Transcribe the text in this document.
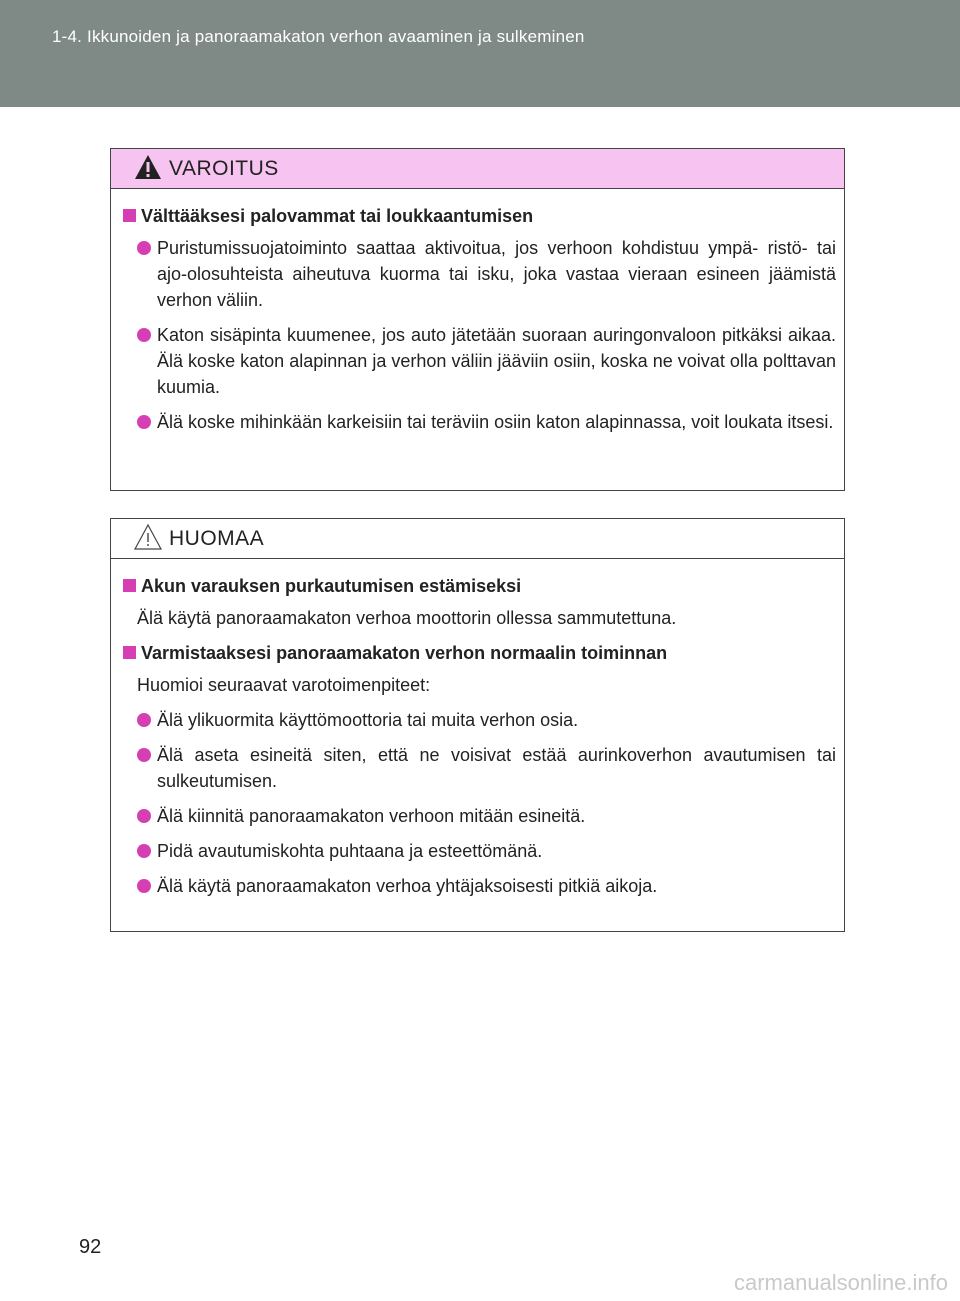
1-4. Ikkunoiden ja panoraamakaton verhon avaaminen ja sulkeminen
VAROITUS
Välttääksesi palovammat tai loukkaantumisen
Puristumissuojatoiminto saattaa aktivoitua, jos verhoon kohdistuu ympä- ristö- tai ajo-olosuhteista aiheutuva kuorma tai isku, joka vastaa vieraan esineen jäämistä verhon väliin.
Katon sisäpinta kuumenee, jos auto jätetään suoraan auringonvaloon pitkäksi aikaa. Älä koske katon alapinnan ja verhon väliin jääviin osiin, koska ne voivat olla polttavan kuumia.
Älä koske mihinkään karkeisiin tai teräviin osiin katon alapinnassa, voit loukata itsesi.
HUOMAA
Akun varauksen purkautumisen estämiseksi
Älä käytä panoraamakaton verhoa moottorin ollessa sammutettuna.
Varmistaaksesi panoraamakaton verhon normaalin toiminnan
Huomioi seuraavat varotoimenpiteet:
Älä ylikuormita käyttömoottoria tai muita verhon osia.
Älä aseta esineitä siten, että ne voisivat estää aurinkoverhon avautumisen tai sulkeutumisen.
Älä kiinnitä panoraamakaton verhoon mitään esineitä.
Pidä avautumiskohta puhtaana ja esteettömänä.
Älä käytä panoraamakaton verhoa yhtäjaksoisesti pitkiä aikoja.
92
carmanualsonline.info
